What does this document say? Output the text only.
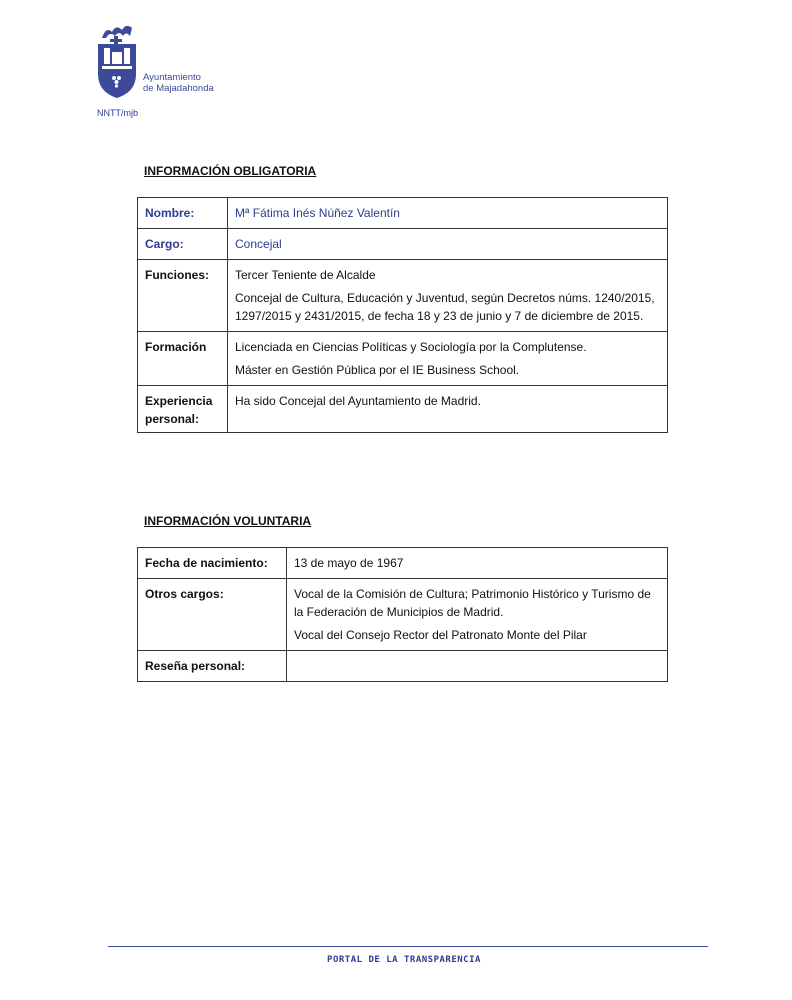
Ayuntamiento
de Majadahonda
NNTT/mjb
INFORMACIÓN OBLIGATORIA
Nombre:	Mª Fátima Inés Núñez Valentín

Cargo:	Concejal

Funciones:	Tercer Teniente de Alcalde
Concejal de Cultura, Educación y Juventud, según Decretos núms. 1240/2015, 1297/2015 y 2431/2015, de fecha 18 y 23 de junio y 7 de diciembre de 2015.

Formación	Licenciada en Ciencias Políticas y Sociología por la Complutense.
Máster en Gestión Pública por el IE Business School.

Experiencia personal:	Ha sido Concejal del Ayuntamiento de Madrid.
INFORMACIÓN VOLUNTARIA
Fecha de nacimiento:	13 de mayo de 1967

Otros cargos:	Vocal de la Comisión de Cultura; Patrimonio Histórico y Turismo de la Federación de Municipios de Madrid.
Vocal del Consejo Rector del Patronato Monte del Pilar

Reseña personal:	
PORTAL DE LA TRANSPARENCIA
